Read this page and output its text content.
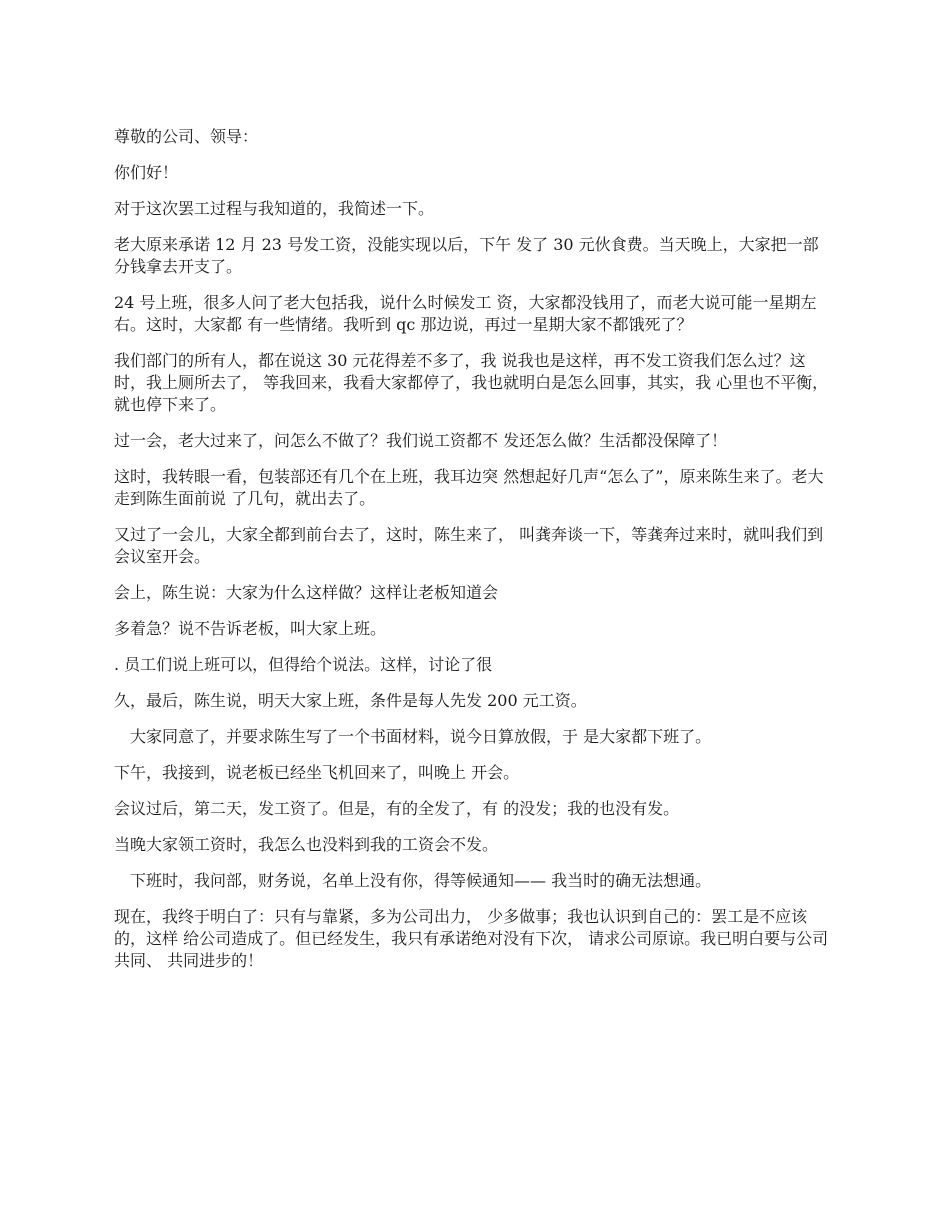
尊敬的公司、领导：

你们好！

对于这次罢工过程与我知道的，我简述一下。

老大原来承诺 12 月 23 号发工资，没能实现以后，下午 发了 30 元伙食费。当天晚上，大家把一部分钱拿去开支了。

24 号上班，很多人问了老大包括我，说什么时候发工 资，大家都没钱用了，而老大说可能一星期左右。这时，大家都 有一些情绪。我听到 qc 那边说，再过一星期大家不都饿死了？

我们部门的所有人，都在说这 30 元花得差不多了，我 说我也是这样，再不发工资我们怎么过？这时，我上厕所去了， 等我回来，我看大家都停了，我也就明白是怎么回事，其实，我 心里也不平衡，就也停下来了。

过一会，老大过来了，问怎么不做了？我们说工资都不 发还怎么做？生活都没保障了！

这时，我转眼一看，包装部还有几个在上班，我耳边突 然想起好几声“怎么了”，原来陈生来了。老大走到陈生面前说 了几句，就出去了。

又过了一会儿，大家全都到前台去了，这时，陈生来了， 叫龚奔谈一下，等龚奔过来时，就叫我们到会议室开会。

会上，陈生说：大家为什么这样做？这样让老板知道会

多着急？说不告诉老板，叫大家上班。

. 员工们说上班可以，但得给个说法。这样，讨论了很

久，最后，陈生说，明天大家上班，条件是每人先发 200 元工资。

大家同意了，并要求陈生写了一个书面材料，说今日算放假，于 是大家都下班了。

下午，我接到，说老板已经坐飞机回来了，叫晚上 开会。

会议过后，第二天，发工资了。但是，有的全发了，有 的没发；我的也没有发。

当晚大家领工资时，我怎么也没料到我的工资会不发。

下班时，我问部，财务说，名单上没有你，得等候通知—— 我当时的确无法想通。

现在，我终于明白了：只有与靠紧，多为公司出力， 少多做事；我也认识到自己的：罢工是不应该的，这样 给公司造成了。但已经发生，我只有承诺绝对没有下次， 请求公司原谅。我已明白要与公司共同、 共同进步的！
